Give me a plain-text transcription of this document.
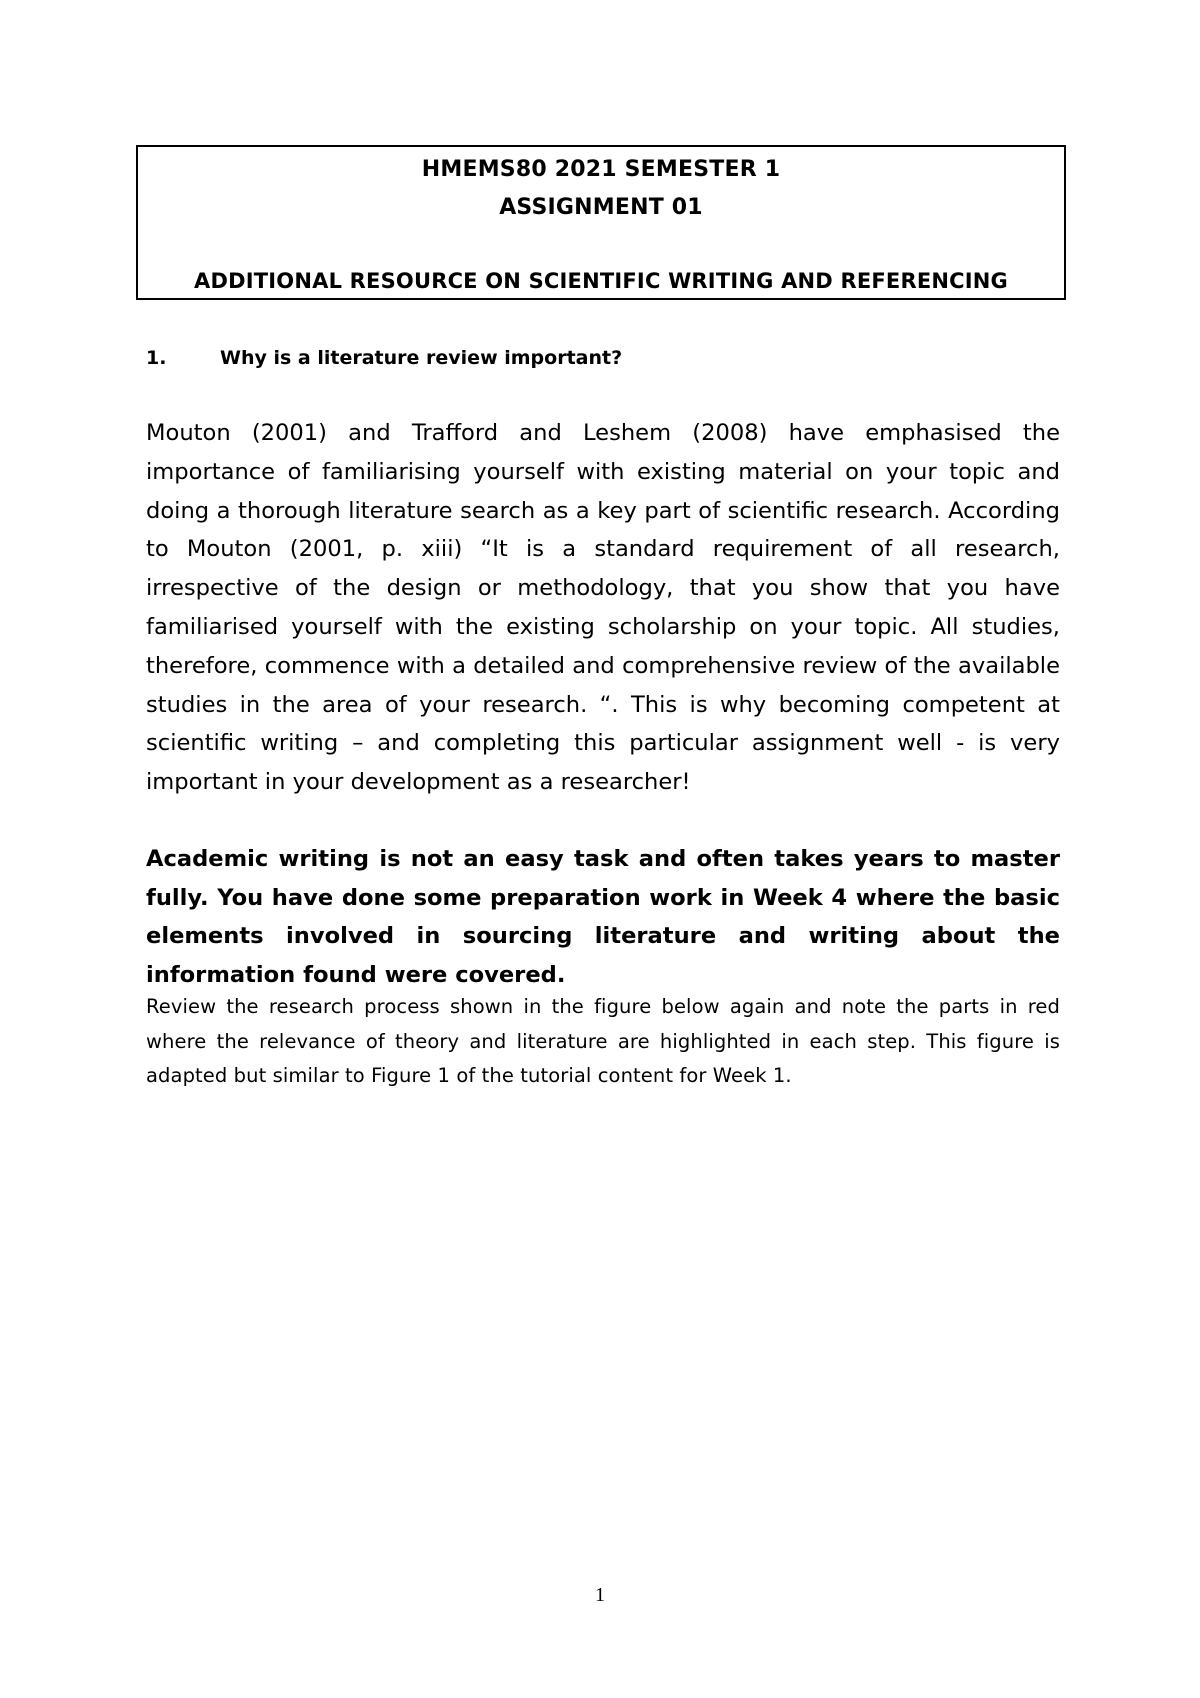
HMEMS80 2021 SEMESTER 1
ASSIGNMENT 01
ADDITIONAL RESOURCE ON SCIENTIFIC WRITING AND REFERENCING
1.	Why is a literature review important?

Mouton (2001) and Trafford and Leshem (2008) have emphasised the importance of familiarising yourself with existing material on your topic and doing a thorough literature search as a key part of scientific research. According to Mouton (2001, p. xiii) “It is a standard requirement of all research, irrespective of the design or methodology, that you show that you have familiarised yourself with the existing scholarship on your topic. All studies, therefore, commence with a detailed and comprehensive review of the available studies in the area of your research. “. This is why becoming competent at scientific writing – and completing this particular assignment well - is very important in your development as a researcher!

Academic writing is not an easy task and often takes years to master fully. You have done some preparation work in Week 4 where the basic elements involved in sourcing literature and writing about the information found were covered.

Review the research process shown in the figure below again and note the parts in red where the relevance of theory and literature are highlighted in each step. This figure is adapted but similar to Figure 1 of the tutorial content for Week 1.

1
